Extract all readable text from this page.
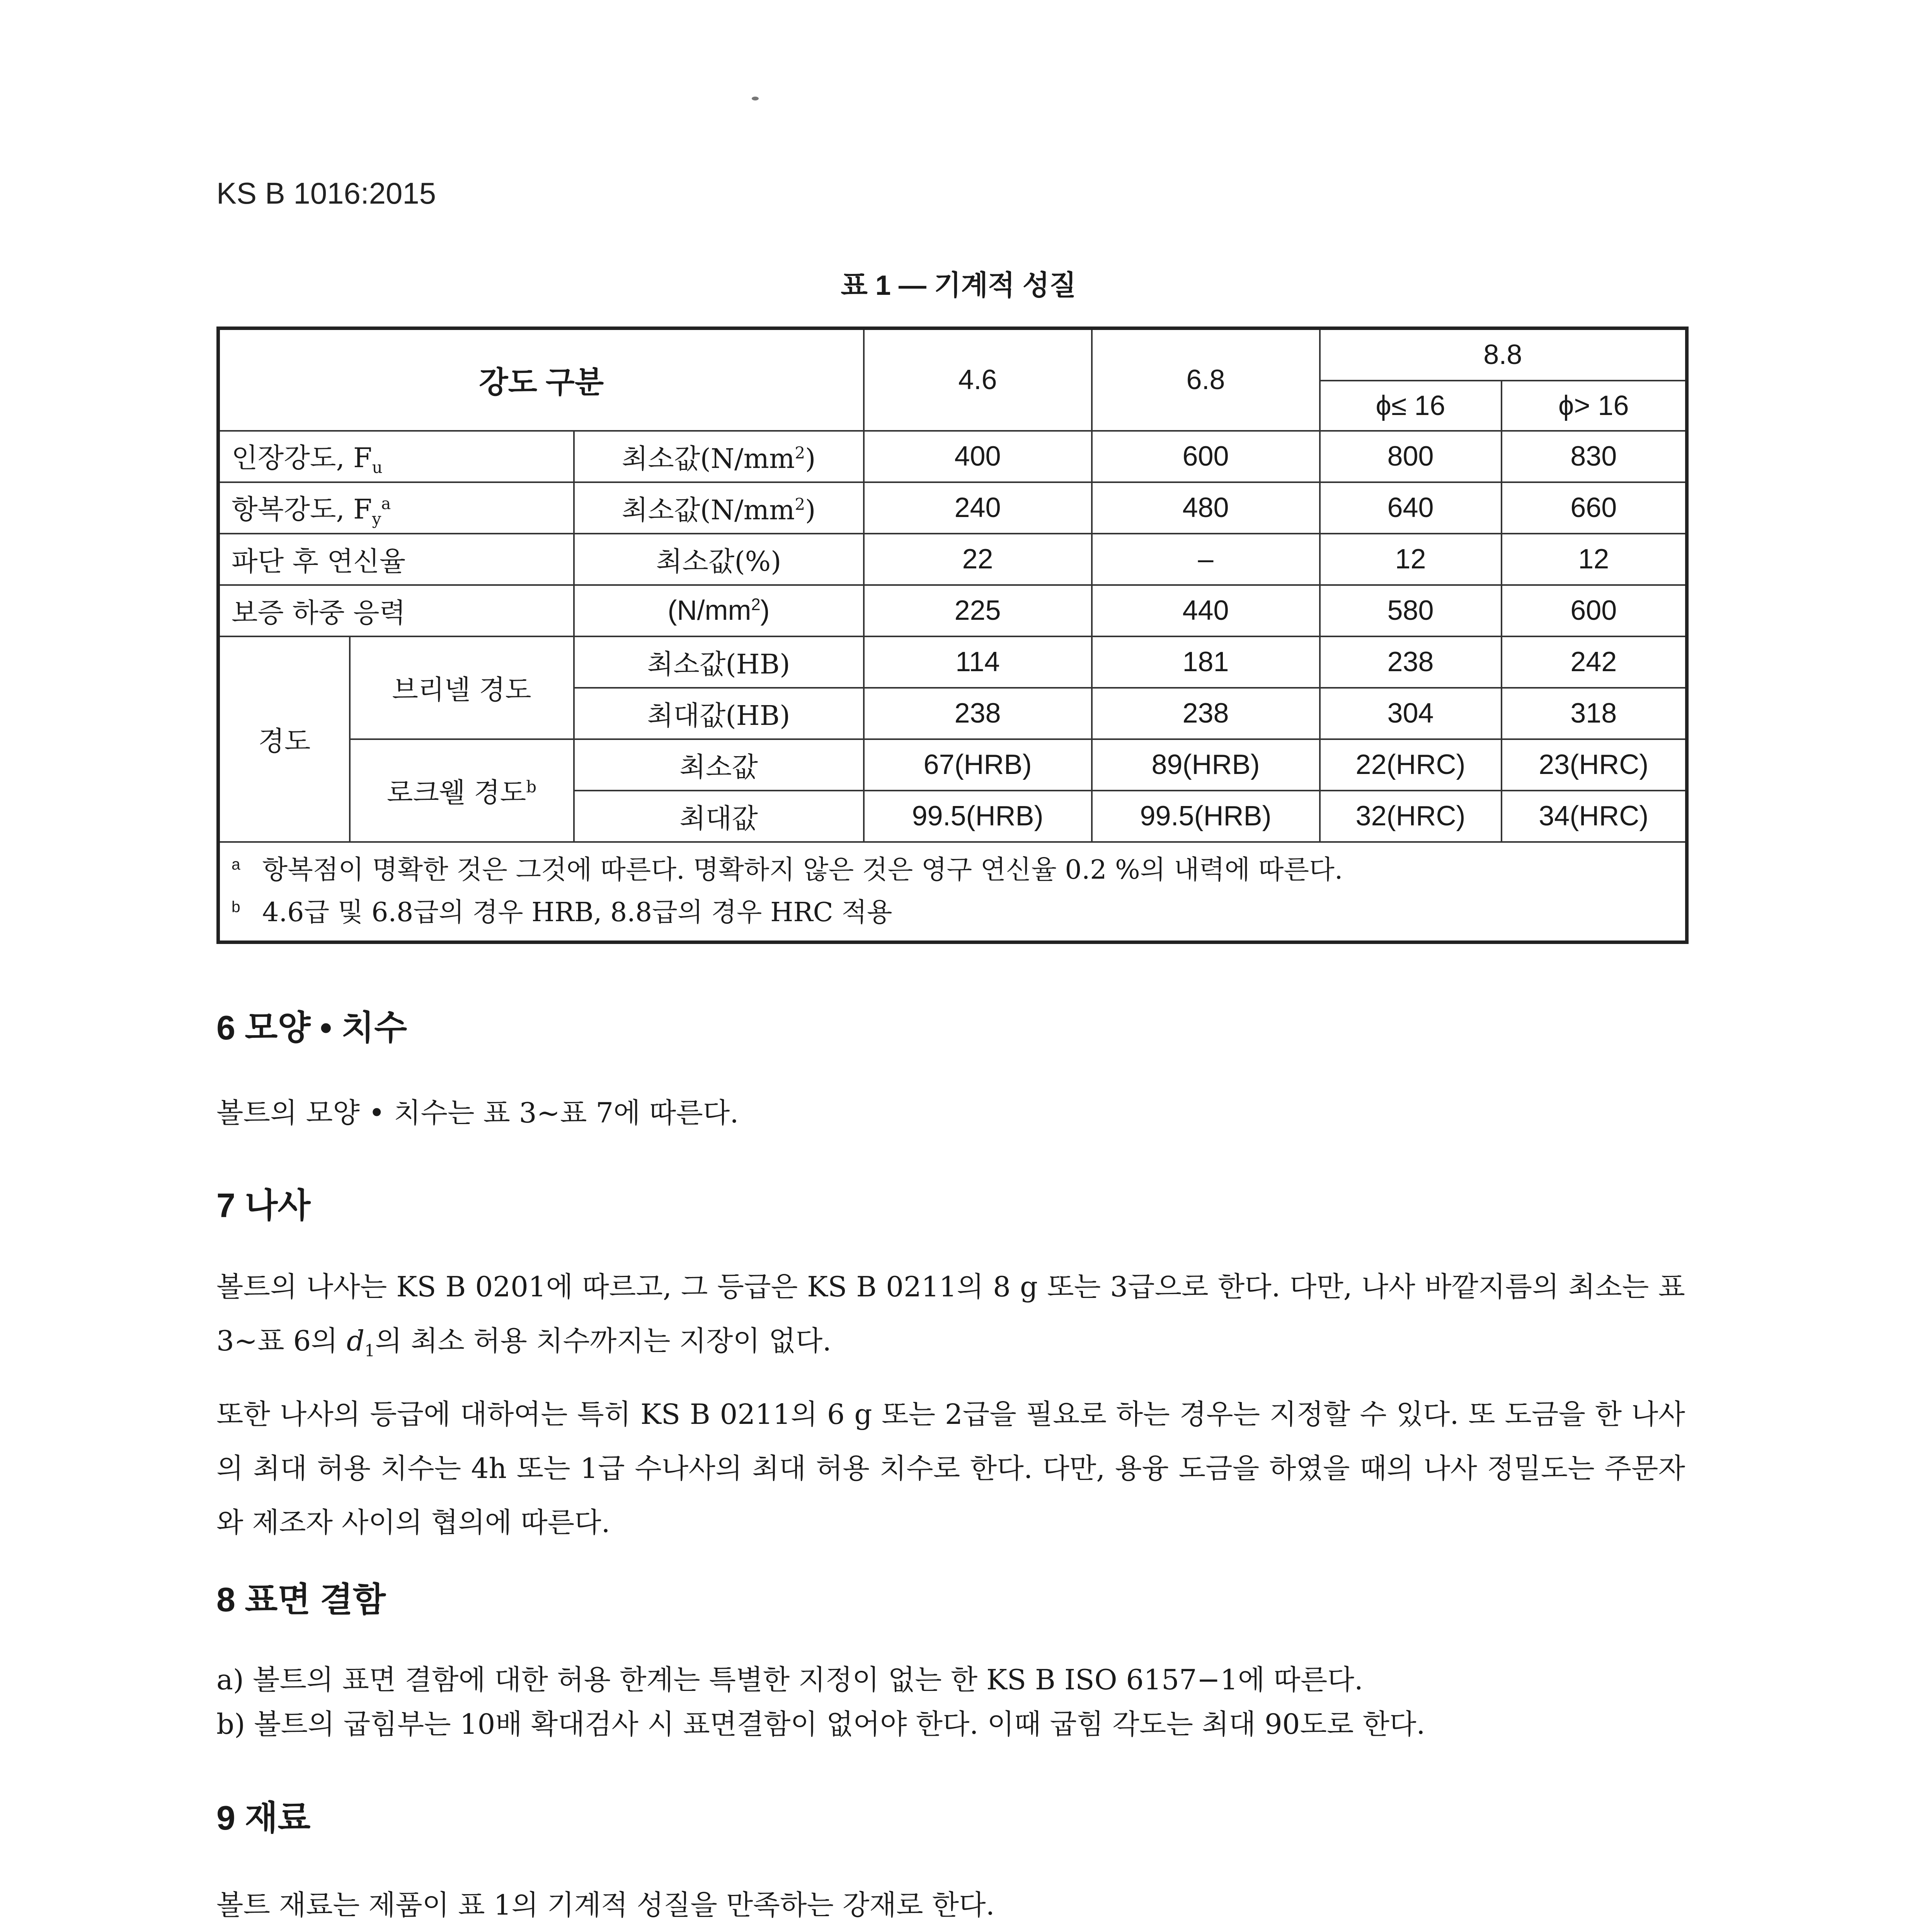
KS B 1016:2015
표 1 — 기계적 성질
강도 구분			4.6	6.8	8.8	
					ϕ≤ 16	ϕ> 16
인장강도, $F_u$		최소값$(N/mm^2)$	400	600	800	830
항복강도, $F_y^a$		최소값$(N/mm^2)$	240	480	640	660
파단 후 연신율		최소값(%)	22	–	12	12
보증 하중 응력		$(N/mm^2)$	225	440	580	600
경도	브리넬 경도	최소값(HB)	114	181	238	242
		최대값(HB)	238	238	304	318
	로크웰 경도$^b$	최소값	67(HRB)	89(HRB)	22(HRC)	23(HRC)
		최대값	99.5(HRB)	99.5(HRB)	32(HRC)	34(HRC)

$^a$ 항복점이 명확한 것은 그것에 따른다. 명확하지 않은 것은 영구 연신율 0.2 %의 내력에 따른다.
$^b$ 4.6급 및 6.8급의 경우 HRB, 8.8급의 경우 HRC 적용						
6 모양 • 치수
볼트의 모양 • 치수는 표 3~표 7에 따른다.
7 나사
볼트의 나사는 KS B 0201에 따르고, 그 등급은 KS B 0211의 8 g 또는 3급으로 한다. 다만, 나사 바깥지름의 최소는 표 3~표 6의 $d_1$의 최소 허용 치수까지는 지장이 없다.
또한 나사의 등급에 대하여는 특히 KS B 0211의 6 g 또는 2급을 필요로 하는 경우는 지정할 수 있다. 또 도금을 한 나사의 최대 허용 치수는 4h 또는 1급 수나사의 최대 허용 치수로 한다. 다만, 용융 도금을 하였을 때의 나사 정밀도는 주문자와 제조자 사이의 협의에 따른다.
8 표면 결함
a) 볼트의 표면 결함에 대한 허용 한계는 특별한 지정이 없는 한 KS B ISO 6157−1에 따른다.
b) 볼트의 굽힘부는 10배 확대검사 시 표면결함이 없어야 한다. 이때 굽힘 각도는 최대 90도로 한다.
9 재료
볼트 재료는 제품이 표 1의 기계적 성질을 만족하는 강재로 한다.
